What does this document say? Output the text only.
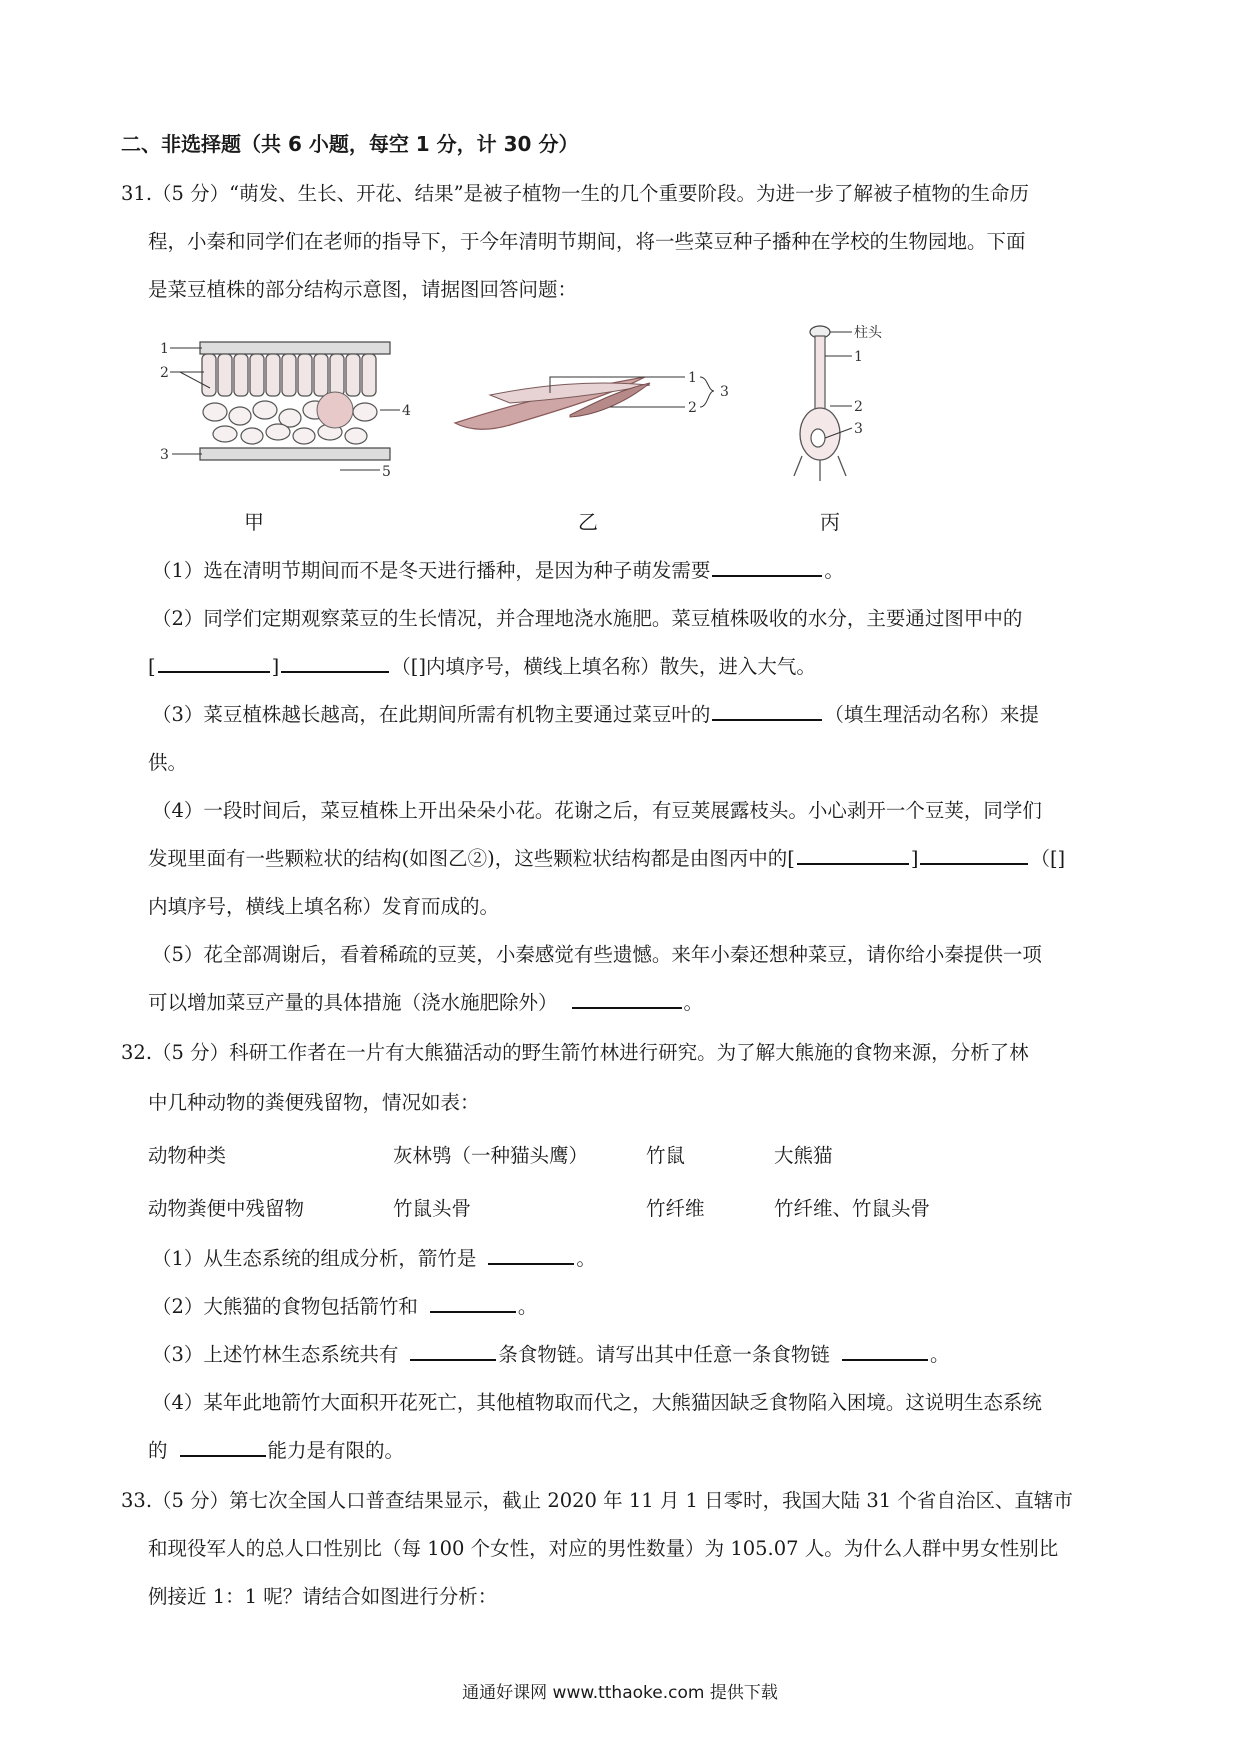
二、非选择题（共 6 小题，每空 1 分，计 30 分）
31.（5 分）“萌发、生长、开花、结果”是被子植物一生的几个重要阶段。为进一步了解被子植物的生命历
程，小秦和同学们在老师的指导下，于今年清明节期间，将一些菜豆种子播种在学校的生物园地。下面
是菜豆植株的部分结构示意图，请据图回答问题：
1
2
3
4
5
甲
1
2
3
乙
柱头
1
2
3
丙
（1）选在清明节期间而不是冬天进行播种，是因为种子萌发需要	。
（2）同学们定期观察菜豆的生长情况，并合理地浇水施肥。菜豆植株吸收的水分，主要通过图甲中的
[	]	（[]内填序号，横线上填名称）散失，进入大气。
（3）菜豆植株越长越高，在此期间所需有机物主要通过菜豆叶的	（填生理活动名称）来提
供。
（4）一段时间后，菜豆植株上开出朵朵小花。花谢之后，有豆荚展露枝头。小心剥开一个豆荚，同学们
发现里面有一些颗粒状的结构(如图乙②)，这些颗粒状结构都是由图丙中的[	]	（[]
内填序号，横线上填名称）发育而成的。
（5）花全部凋谢后，看着稀疏的豆荚，小秦感觉有些遗憾。来年小秦还想种菜豆，请你给小秦提供一项
可以增加菜豆产量的具体措施（浇水施肥除外）	。
32.（5 分）科研工作者在一片有大熊猫活动的野生箭竹林进行研究。为了解大熊施的食物来源，分析了林
中几种动物的粪便残留物，情况如表：
动物种类	灰林鸮（一种猫头鹰）	竹鼠	大熊猫
动物粪便中残留物	竹鼠头骨	竹纤维	竹纤维、竹鼠头骨
（1）从生态系统的组成分析，箭竹是	。
（2）大熊猫的食物包括箭竹和	。
（3）上述竹林生态系统共有	条食物链。请写出其中任意一条食物链	。
（4）某年此地箭竹大面积开花死亡，其他植物取而代之，大熊猫因缺乏食物陷入困境。这说明生态系统
的	能力是有限的。
33.（5 分）第七次全国人口普查结果显示，截止 2020 年 11 月 1 日零时，我国大陆 31 个省自治区、直辖市
和现役军人的总人口性别比（每 100 个女性，对应的男性数量）为 105.07 人。为什么人群中男女性别比
例接近 1：1 呢？请结合如图进行分析：
通通好课网 www.tthaoke.com 提供下载
